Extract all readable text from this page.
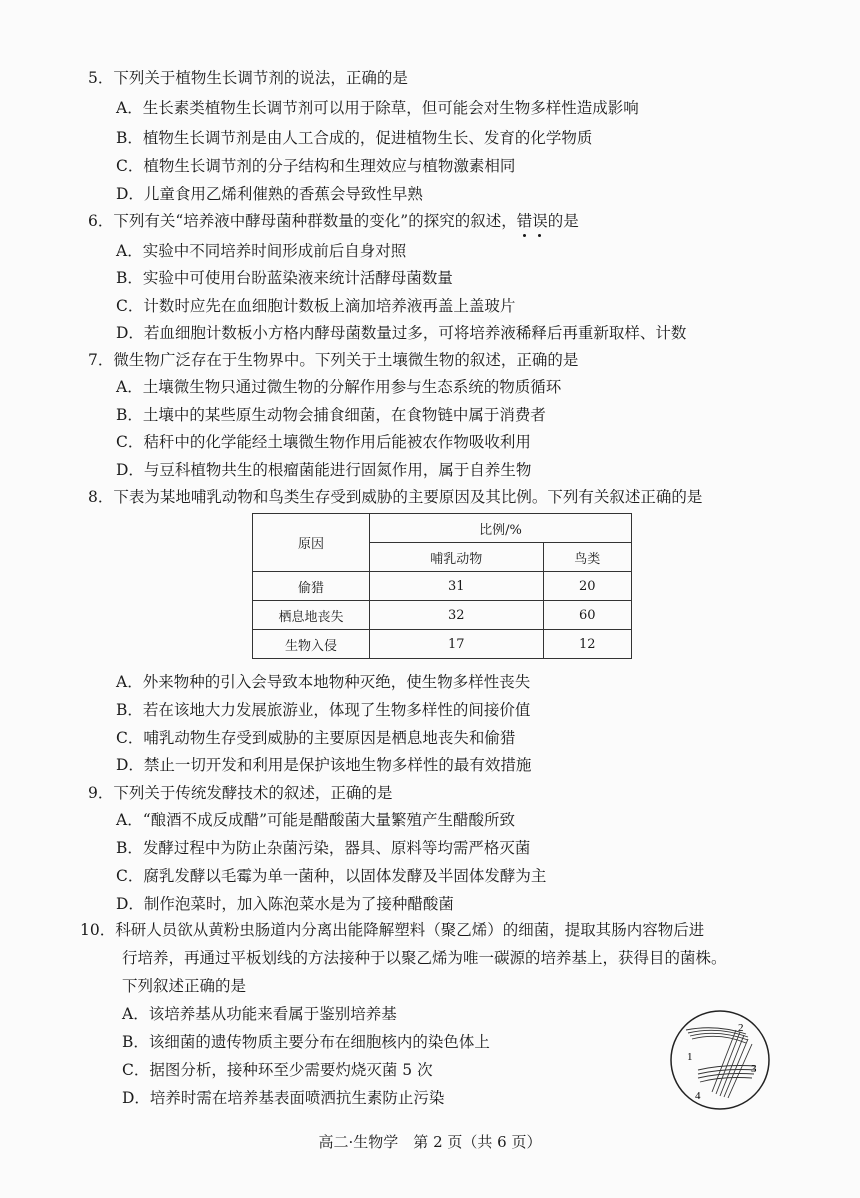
5．下列关于植物生长调节剂的说法，正确的是
A．生长素类植物生长调节剂可以用于除草，但可能会对生物多样性造成影响
B．植物生长调节剂是由人工合成的，促进植物生长、发育的化学物质
C．植物生长调节剂的分子结构和生理效应与植物激素相同
D．儿童食用乙烯利催熟的香蕉会导致性早熟
6．下列有关“培养液中酵母菌种群数量的变化”的探究的叙述，错误的是
A．实验中不同培养时间形成前后自身对照
B．实验中可使用台盼蓝染液来统计活酵母菌数量
C．计数时应先在血细胞计数板上滴加培养液再盖上盖玻片
D．若血细胞计数板小方格内酵母菌数量过多，可将培养液稀释后再重新取样、计数
7．微生物广泛存在于生物界中。下列关于土壤微生物的叙述，正确的是
A．土壤微生物只通过微生物的分解作用参与生态系统的物质循环
B．土壤中的某些原生动物会捕食细菌，在食物链中属于消费者
C．秸秆中的化学能经土壤微生物作用后能被农作物吸收利用
D．与豆科植物共生的根瘤菌能进行固氮作用，属于自养生物
8．下表为某地哺乳动物和鸟类生存受到威胁的主要原因及其比例。下列有关叙述正确的是
原因	比例/%	
	哺乳动物	鸟类
偷猎	31	20
栖息地丧失	32	60
生物入侵	17	12
A．外来物种的引入会导致本地物种灭绝，使生物多样性丧失
B．若在该地大力发展旅游业，体现了生物多样性的间接价值
C．哺乳动物生存受到威胁的主要原因是栖息地丧失和偷猎
D．禁止一切开发和利用是保护该地生物多样性的最有效措施
9．下列关于传统发酵技术的叙述，正确的是
A．“酿酒不成反成醋”可能是醋酸菌大量繁殖产生醋酸所致
B．发酵过程中为防止杂菌污染，器具、原料等均需严格灭菌
C．腐乳发酵以毛霉为单一菌种，以固体发酵及半固体发酵为主
D．制作泡菜时，加入陈泡菜水是为了接种醋酸菌
10．科研人员欲从黄粉虫肠道内分离出能降解塑料（聚乙烯）的细菌，提取其肠内容物后进
行培养，再通过平板划线的方法接种于以聚乙烯为唯一碳源的培养基上，获得目的菌株。
下列叙述正确的是
A．该培养基从功能来看属于鉴别培养基
B．该细菌的遗传物质主要分布在细胞核内的染色体上
C．据图分析，接种环至少需要灼烧灭菌 5 次
D．培养时需在培养基表面喷洒抗生素防止污染
1
2
3
4
高二·生物学　第 2 页（共 6 页）
